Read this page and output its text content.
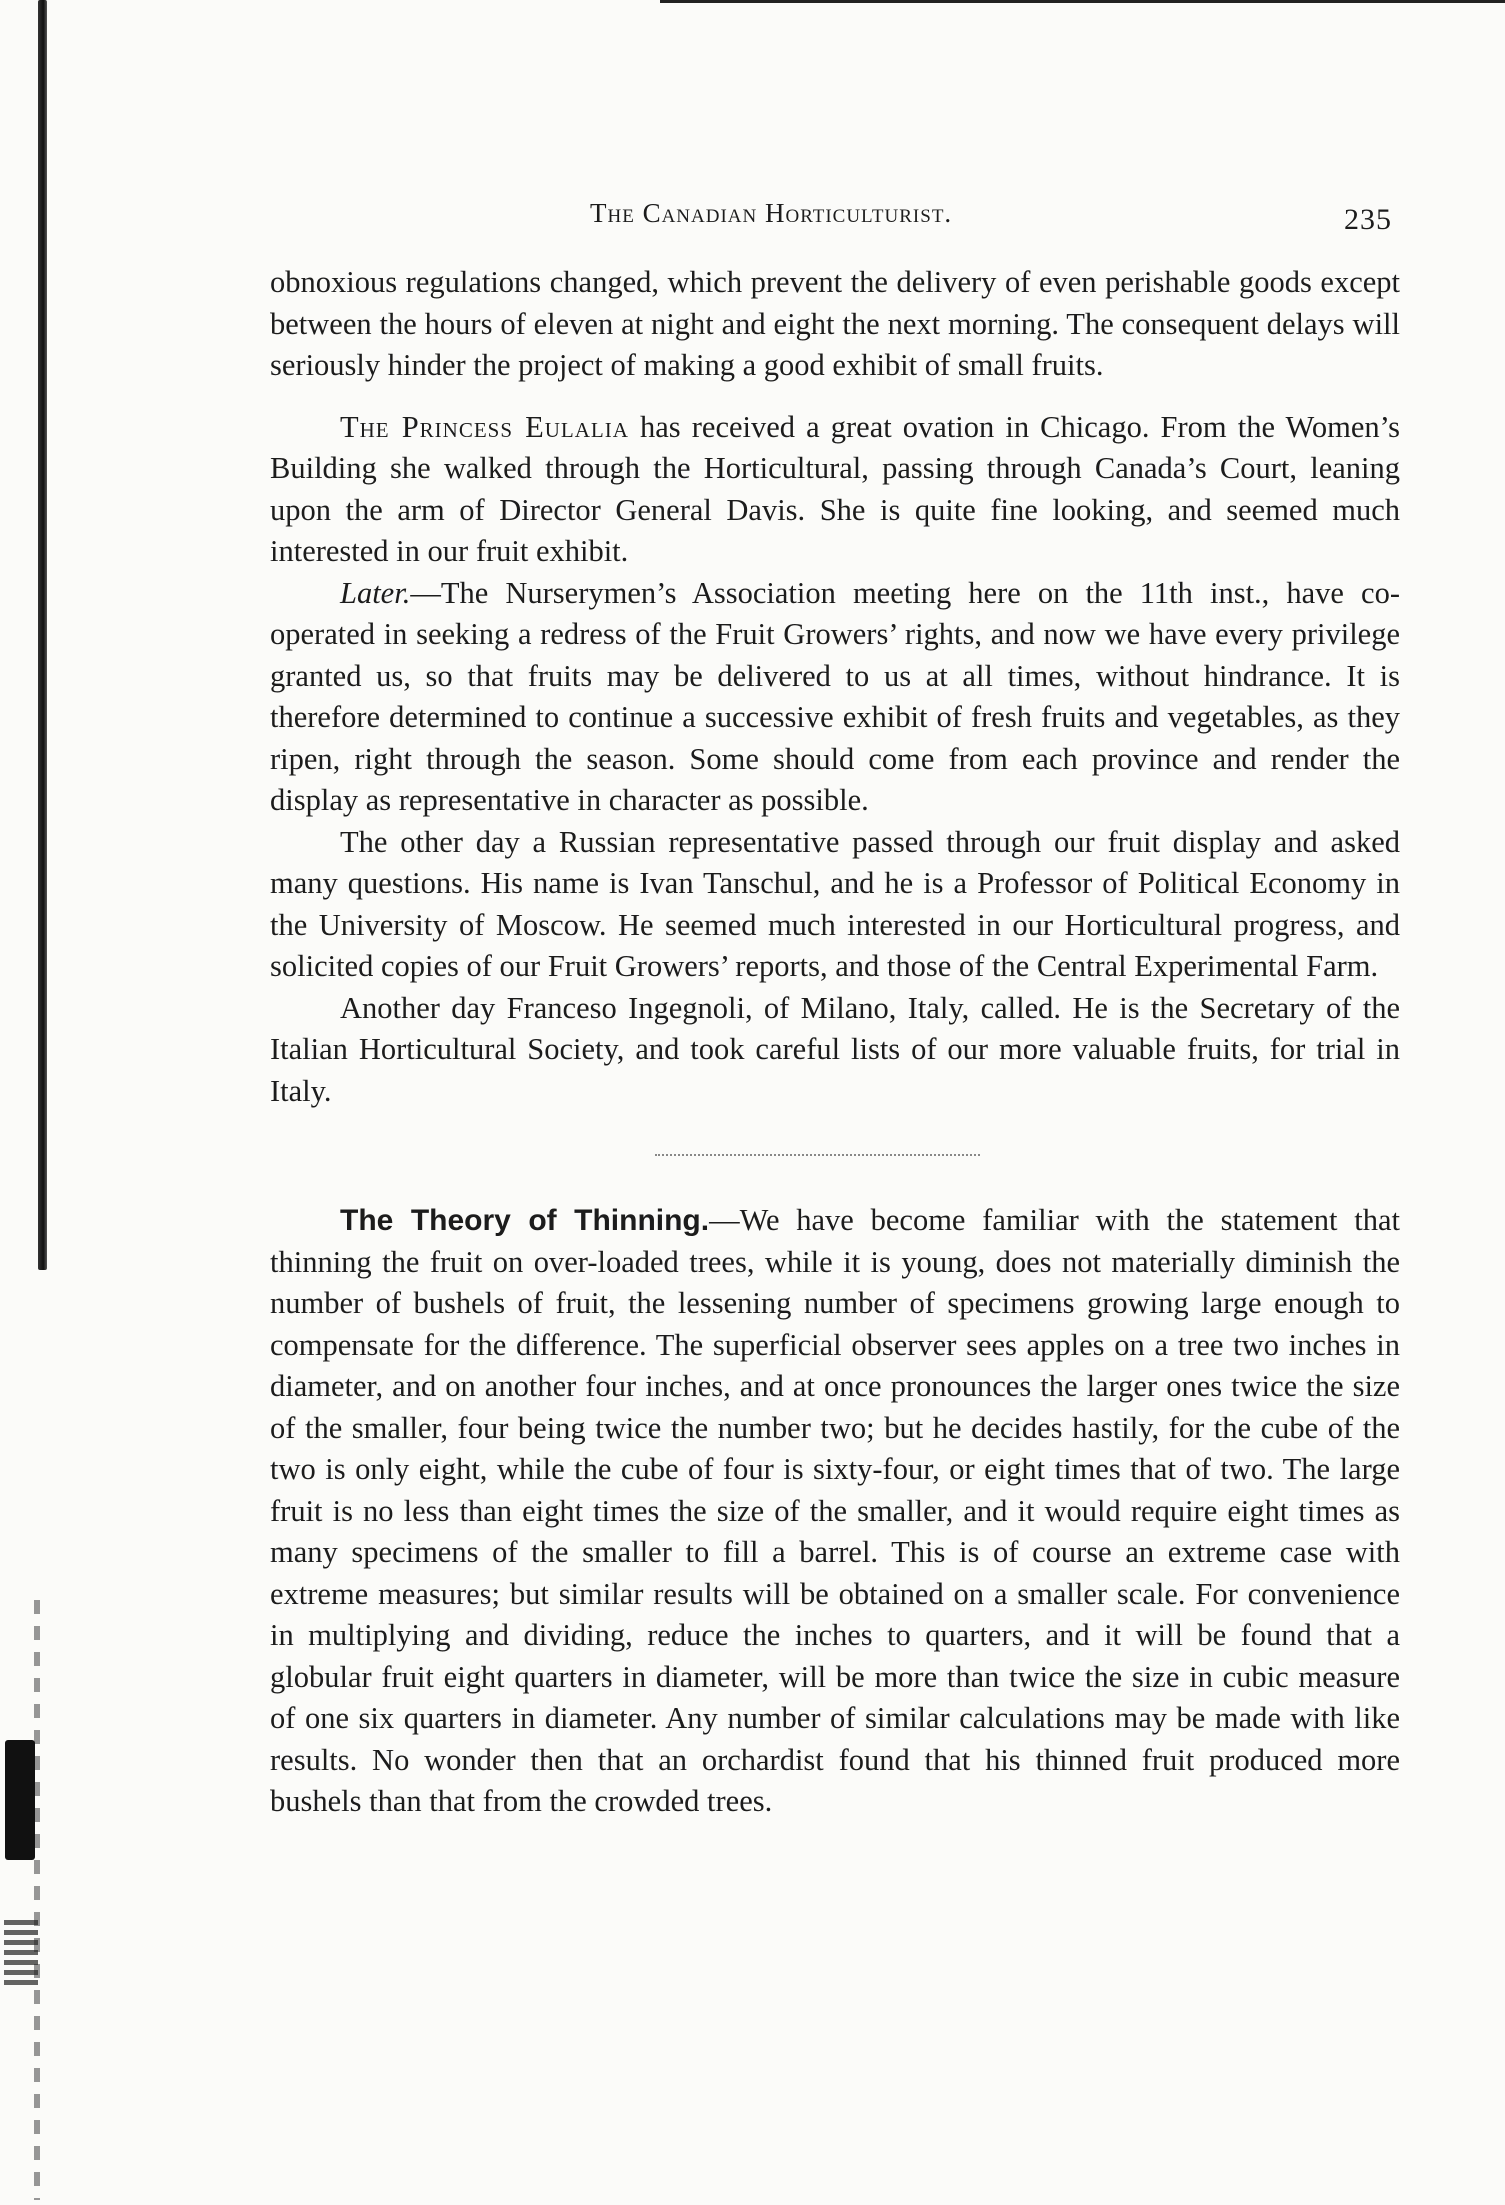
The Canadian Horticulturist.	235

obnoxious regulations changed, which prevent the delivery of even perishable goods except between the hours of eleven at night and eight the next morning. The consequent delays will seriously hinder the project of making a good exhibit of small fruits.

The Princess Eulalia has received a great ovation in Chicago. From the Women’s Building she walked through the Horticultural, passing through Canada’s Court, leaning upon the arm of Director General Davis. She is quite fine looking, and seemed much interested in our fruit exhibit.

Later.—The Nurserymen’s Association meeting here on the 11th inst., have co-operated in seeking a redress of the Fruit Growers’ rights, and now we have every privilege granted us, so that fruits may be delivered to us at all times, without hindrance. It is therefore determined to continue a successive exhibit of fresh fruits and vegetables, as they ripen, right through the season. Some should come from each province and render the display as representative in character as possible.

The other day a Russian representative passed through our fruit display and asked many questions. His name is Ivan Tanschul, and he is a Professor of Political Economy in the University of Moscow. He seemed much interested in our Horticultural progress, and solicited copies of our Fruit Growers’ reports, and those of the Central Experimental Farm.

Another day Franceso Ingegnoli, of Milano, Italy, called. He is the Secretary of the Italian Horticultural Society, and took careful lists of our more valuable fruits, for trial in Italy.

The Theory of Thinning.—We have become familiar with the statement that thinning the fruit on over-loaded trees, while it is young, does not materially diminish the number of bushels of fruit, the lessening number of specimens growing large enough to compensate for the difference. The superficial observer sees apples on a tree two inches in diameter, and on another four inches, and at once pronounces the larger ones twice the size of the smaller, four being twice the number two; but he decides hastily, for the cube of the two is only eight, while the cube of four is sixty-four, or eight times that of two. The large fruit is no less than eight times the size of the smaller, and it would require eight times as many specimens of the smaller to fill a barrel. This is of course an extreme case with extreme measures; but similar results will be obtained on a smaller scale. For convenience in multiplying and dividing, reduce the inches to quarters, and it will be found that a globular fruit eight quarters in diameter, will be more than twice the size in cubic measure of one six quarters in diameter. Any number of similar calculations may be made with like results. No wonder then that an orchardist found that his thinned fruit produced more bushels than that from the crowded trees.
